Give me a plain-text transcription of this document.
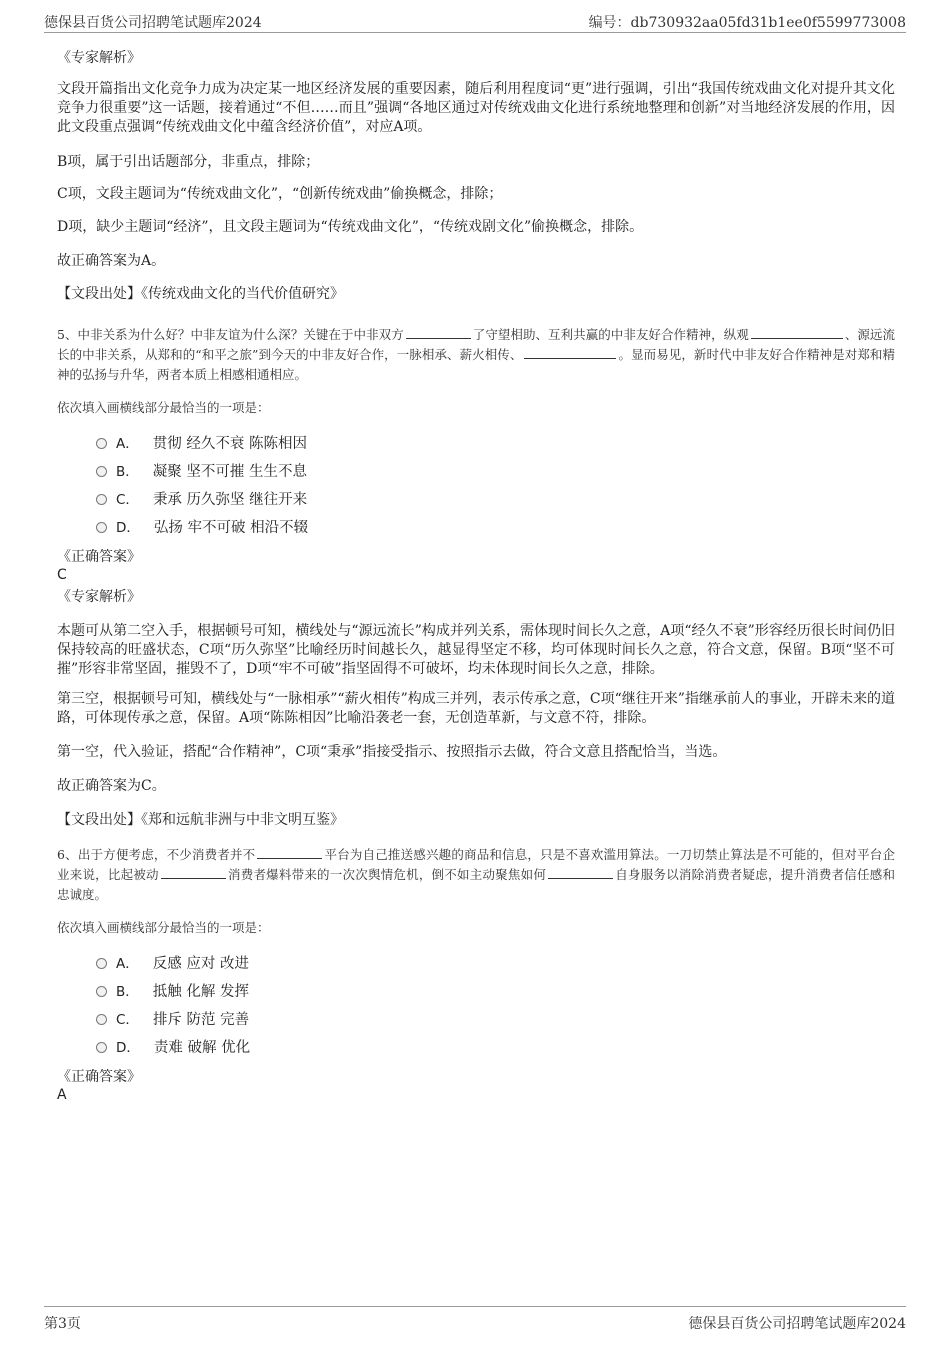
德保县百货公司招聘笔试题库2024	编号：db730932aa05fd31b1ee0f5599773008
《专家解析》
文段开篇指出文化竞争力成为决定某一地区经济发展的重要因素，随后利用程度词“更”进行强调，引出“我国传统戏曲文化对提升其文化竞争力很重要”这一话题，接着通过“不但……而且”强调“各地区通过对传统戏曲文化进行系统地整理和创新”对当地经济发展的作用，因此文段重点强调“传统戏曲文化中蕴含经济价值”，对应A项。
B项，属于引出话题部分，非重点，排除；
C项，文段主题词为“传统戏曲文化”，“创新传统戏曲”偷换概念，排除；
D项，缺少主题词“经济”，且文段主题词为“传统戏曲文化”，“传统戏剧文化”偷换概念，排除。
故正确答案为A。
【文段出处】《传统戏曲文化的当代价值研究》
5、中非关系为什么好？中非友谊为什么深？关键在于中非双方	了守望相助、互利共赢的中非友好合作精神，纵观	、源远流长的中非关系，从郑和的“和平之旅”到今天的中非友好合作，一脉相承、薪火相传、	。显而易见，新时代中非友好合作精神是对郑和精神的弘扬与升华，两者本质上相感相通相应。
依次填入画横线部分最恰当的一项是：
A． 贯彻 经久不衰 陈陈相因
B． 凝聚 坚不可摧 生生不息
C． 秉承 历久弥坚 继往开来
D． 弘扬 牢不可破 相沿不辍
《正确答案》
C
《专家解析》
本题可从第二空入手，根据顿号可知，横线处与“源远流长”构成并列关系，需体现时间长久之意，A项“经久不衰”形容经历很长时间仍旧保持较高的旺盛状态，C项“历久弥坚”比喻经历时间越长久，越显得坚定不移，均可体现时间长久之意，符合文意，保留。B项“坚不可摧”形容非常坚固，摧毁不了，D项“牢不可破”指坚固得不可破坏，均未体现时间长久之意，排除。
第三空，根据顿号可知，横线处与“一脉相承”“薪火相传”构成三并列，表示传承之意，C项“继往开来”指继承前人的事业，开辟未来的道路，可体现传承之意，保留。A项“陈陈相因”比喻沿袭老一套，无创造革新，与文意不符，排除。
第一空，代入验证，搭配“合作精神”，C项“秉承”指接受指示、按照指示去做，符合文意且搭配恰当，当选。
故正确答案为C。
【文段出处】《郑和远航非洲与中非文明互鉴》
6、出于方便考虑，不少消费者并不	平台为自己推送感兴趣的商品和信息，只是不喜欢滥用算法。一刀切禁止算法是不可能的，但对平台企业来说，比起被动	消费者爆料带来的一次次舆情危机，倒不如主动聚焦如何	自身服务以消除消费者疑虑，提升消费者信任感和忠诚度。
依次填入画横线部分最恰当的一项是：
A． 反感 应对 改进
B． 抵触 化解 发挥
C． 排斥 防范 完善
D． 责难 破解 优化
《正确答案》
A
第3页	德保县百货公司招聘笔试题库2024
